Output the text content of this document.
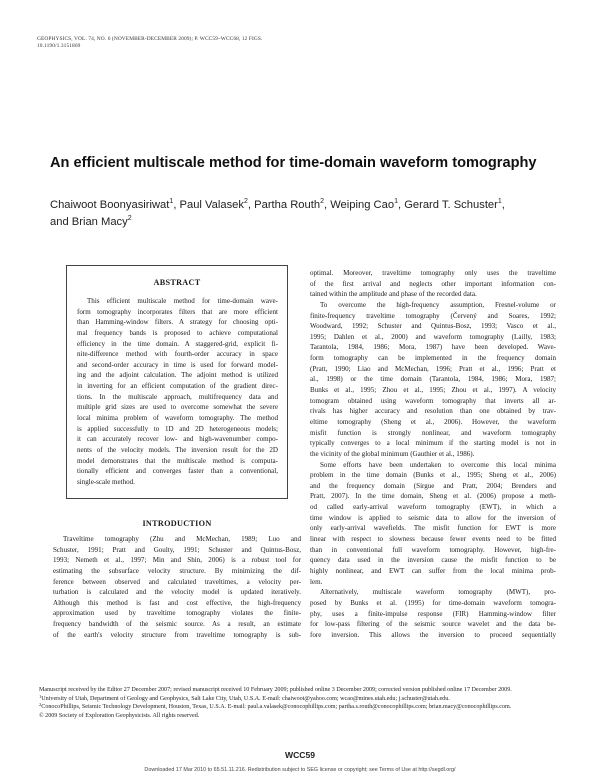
GEOPHYSICS, VOL. 74, NO. 6 (NOVEMBER-DECEMBER 2009); P. WCC59–WCC68, 12 FIGS.
10.1190/1.3151869
An efficient multiscale method for time-domain waveform tomography
Chaiwoot Boonyasiriwat$^1$, Paul Valasek$^2$, Partha Routh$^2$, Weiping Cao$^1$, Gerard T. Schuster$^1$,
and Brian Macy$^2$
ABSTRACT
This efficient multiscale method for time-domain wave-
form tomography incorporates filters that are more efficient
than Hamming-window filters. A strategy for choosing opti-
mal frequency bands is proposed to achieve computational
efficiency in the time domain. A staggered-grid, explicit fi-
nite-difference method with fourth-order accuracy in space
and second-order accuracy in time is used for forward model-
ing and the adjoint calculation. The adjoint method is utilized
in inverting for an efficient computation of the gradient direc-
tions. In the multiscale approach, multifrequency data and
multiple grid sizes are used to overcome somewhat the severe
local minima problem of waveform tomography. The method
is applied successfully to 1D and 2D heterogeneous models;
it can accurately recover low- and high-wavenumber compo-
nents of the velocity models. The inversion result for the 2D
model demonstrates that the multiscale method is computa-
tionally efficient and converges faster than a conventional,
single-scale method.
INTRODUCTION
Traveltime tomography (Zhu and McMechan, 1989; Luo and
Schuster, 1991; Pratt and Goulty, 1991; Schuster and Quintus-Bosz,
1993; Nemeth et al., 1997; Min and Shin, 2006) is a robust tool for
estimating the subsurface velocity structure. By minimizing the dif-
ference between observed and calculated traveltimes, a velocity per-
turbation is calculated and the velocity model is updated iteratively.
Although this method is fast and cost effective, the high-frequency
approximation used by traveltime tomography violates the finite-
frequency bandwidth of the seismic source. As a result, an estimate
of the earth's velocity structure from traveltime tomography is sub-
optimal. Moreover, traveltime tomography only uses the traveltime
of the first arrival and neglects other important information con-
tained within the amplitude and phase of the recorded data.
To overcome the high-frequency assumption, Fresnel-volume or
finite-frequency traveltime tomography (Červený and Soares, 1992;
Woodward, 1992; Schuster and Quintus-Bosz, 1993; Vasco et al.,
1995; Dahlen et al., 2000) and waveform tomography (Lailly, 1983;
Tarantola, 1984, 1986; Mora, 1987) have been developed. Wave-
form tomography can be implemented in the frequency domain
(Pratt, 1990; Liao and McMechan, 1996; Pratt et al., 1996; Pratt et
al., 1998) or the time domain (Tarantola, 1984, 1986; Mora, 1987;
Bunks et al., 1995; Zhou et al., 1995; Zhou et al., 1997). A velocity
tomogram obtained using waveform tomography that inverts all ar-
rivals has higher accuracy and resolution than one obtained by trav-
eltime tomography (Sheng et al., 2006). However, the waveform
misfit function is strongly nonlinear, and waveform tomography
typically converges to a local minimum if the starting model is not in
the vicinity of the global minimum (Gauthier et al., 1986).
Some efforts have been undertaken to overcome this local minima
problem in the time domain (Bunks et al., 1995; Sheng et al., 2006)
and the frequency domain (Sirgue and Pratt, 2004; Brenders and
Pratt, 2007). In the time domain, Sheng et al. (2006) propose a meth-
od called early-arrival waveform tomography (EWT), in which a
time window is applied to seismic data to allow for the inversion of
only early-arrival wavefields. The misfit function for EWT is more
linear with respect to slowness because fewer events need to be fitted
than in conventional full waveform tomography. However, high-fre-
quency data used in the inversion cause the misfit function to be
highly nonlinear, and EWT can suffer from the local minima prob-
lem.
Alternatively, multiscale waveform tomography (MWT), pro-
posed by Bunks et al. (1995) for time-domain waveform tomogra-
phy, uses a finite-impulse response (FIR) Hamming-window filter
for low-pass filtering of the seismic source wavelet and the data be-
fore inversion. This allows the inversion to proceed sequentially
Manuscript received by the Editor 27 December 2007; revised manuscript received 10 February 2009; published online 3 December 2009; corrected version published online 17 December 2009.
$^1$University of Utah, Department of Geology and Geophysics, Salt Lake City, Utah, U.S.A. E-mail: chaiwoot@yahoo.com; wcao@mines.utah.edu; j.schuster@utah.edu.
$^2$ConocoPhillips, Seismic Technology Development, Houston, Texas, U.S.A. E-mail: paul.a.valasek@conocophillips.com; partha.s.routh@conocophillips.com; brian.macy@conocophillips.com.
© 2009 Society of Exploration Geophysicists. All rights reserved.
WCC59
Downloaded 17 Mar 2010 to 65.51.11.216. Redistribution subject to SEG license or copyright; see Terms of Use at http://segdl.org/
